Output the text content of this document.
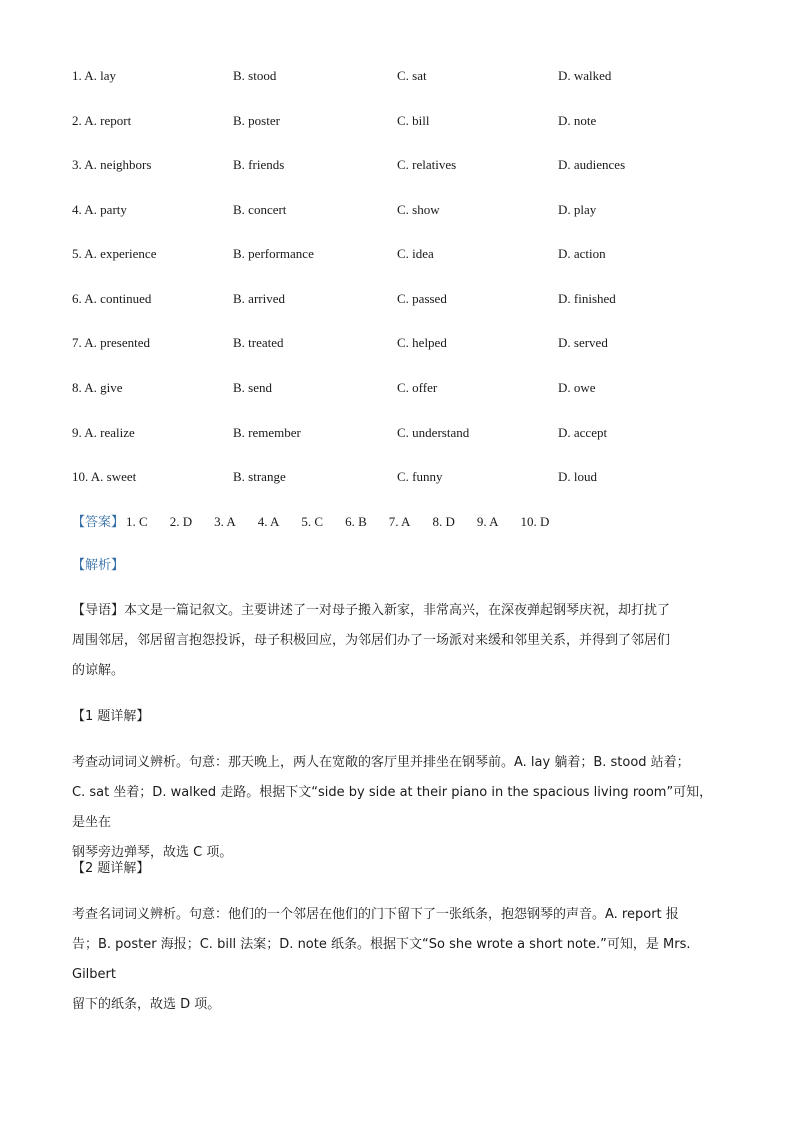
1. A. lay	B. stood	C. sat	D. walked
2. A. report	B. poster	C. bill	D. note
3. A. neighbors	B. friends	C. relatives	D. audiences
4. A. party	B. concert	C. show	D. play
5. A. experience	B. performance	C. idea	D. action
6. A. continued	B. arrived	C. passed	D. finished
7. A. presented	B. treated	C. helped	D. served
8. A. give	B. send	C. offer	D. owe
9. A. realize	B. remember	C. understand	D. accept
10. A. sweet	B. strange	C. funny	D. loud
【答案】 1. C 2. D 3. A 4. A 5. C 6. B 7. A 8. D 9. A 10. D
【解析】
【导语】本文是一篇记叙文。主要讲述了一对母子搬入新家，非常高兴，在深夜弹起钢琴庆祝，却打扰了
周围邻居，邻居留言抱怨投诉，母子积极回应，为邻居们办了一场派对来缓和邻里关系，并得到了邻居们
的谅解。
【1 题详解】
考查动词词义辨析。句意：那天晚上，两人在宽敞的客厅里并排坐在钢琴前。A. lay 躺着；B. stood 站着；
C. sat 坐着；D. walked 走路。根据下文“side by side at their piano in the spacious living room”可知，是坐在
钢琴旁边弹琴，故选 C 项。
【2 题详解】
考查名词词义辨析。句意：他们的一个邻居在他们的门下留下了一张纸条，抱怨钢琴的声音。A. report 报
告；B. poster 海报；C. bill 法案；D. note 纸条。根据下文“So she wrote a short note.”可知，是 Mrs. Gilbert
留下的纸条，故选 D 项。
